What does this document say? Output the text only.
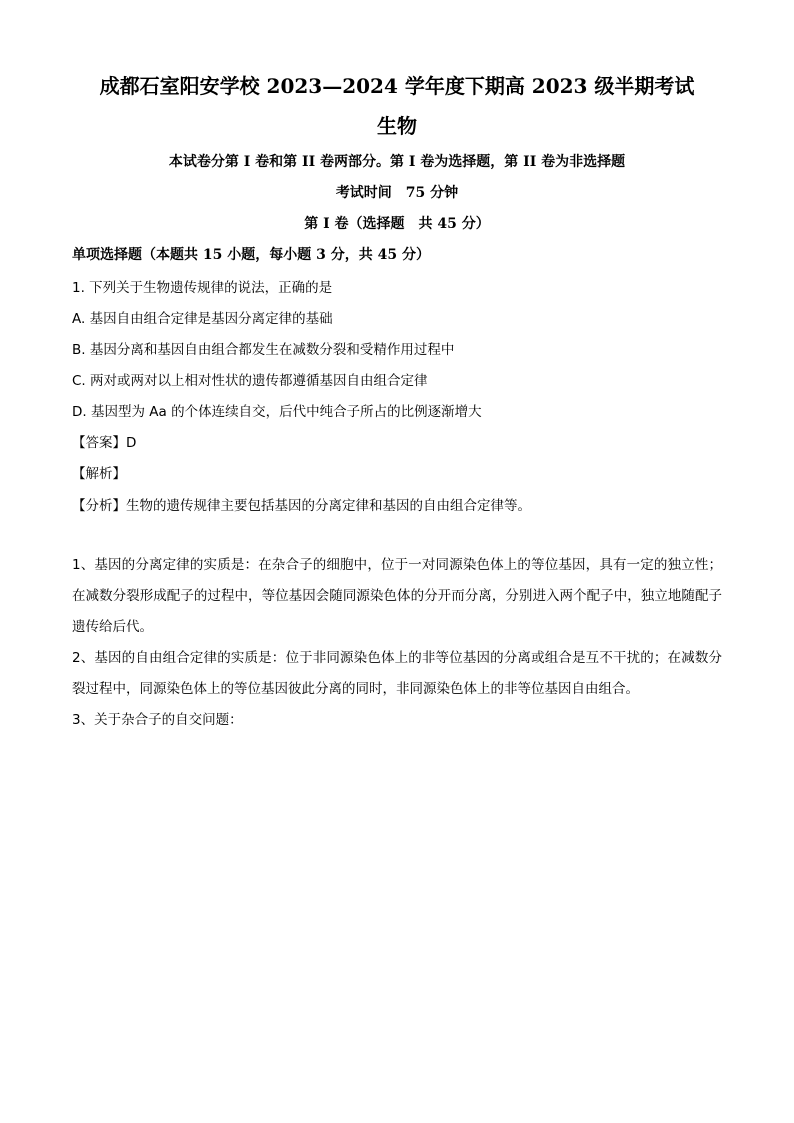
成都石室阳安学校 2023—2024 学年度下期高 2023 级半期考试
生物
本试卷分第 I 卷和第 II 卷两部分。第 I 卷为选择题，第 II 卷为非选择题
考试时间　75 分钟
第 I 卷（选择题　共 45 分）
单项选择题（本题共 15 小题，每小题 3 分，共 45 分）
1. 下列关于生物遗传规律的说法，正确的是
A. 基因自由组合定律是基因分离定律的基础
B. 基因分离和基因自由组合都发生在减数分裂和受精作用过程中
C. 两对或两对以上相对性状的遗传都遵循基因自由组合定律
D. 基因型为 Aa 的个体连续自交，后代中纯合子所占的比例逐渐增大
【答案】D
【解析】
【分析】生物的遗传规律主要包括基因的分离定律和基因的自由组合定律等。
1、基因的分离定律的实质是：在杂合子的细胞中，位于一对同源染色体上的等位基因，具有一定的独立性；在减数分裂形成配子的过程中，等位基因会随同源染色体的分开而分离，分别进入两个配子中，独立地随配子遗传给后代。
2、基因的自由组合定律的实质是：位于非同源染色体上的非等位基因的分离或组合是互不干扰的；在减数分裂过程中，同源染色体上的等位基因彼此分离的同时，非同源染色体上的非等位基因自由组合。
3、关于杂合子的自交问题：
